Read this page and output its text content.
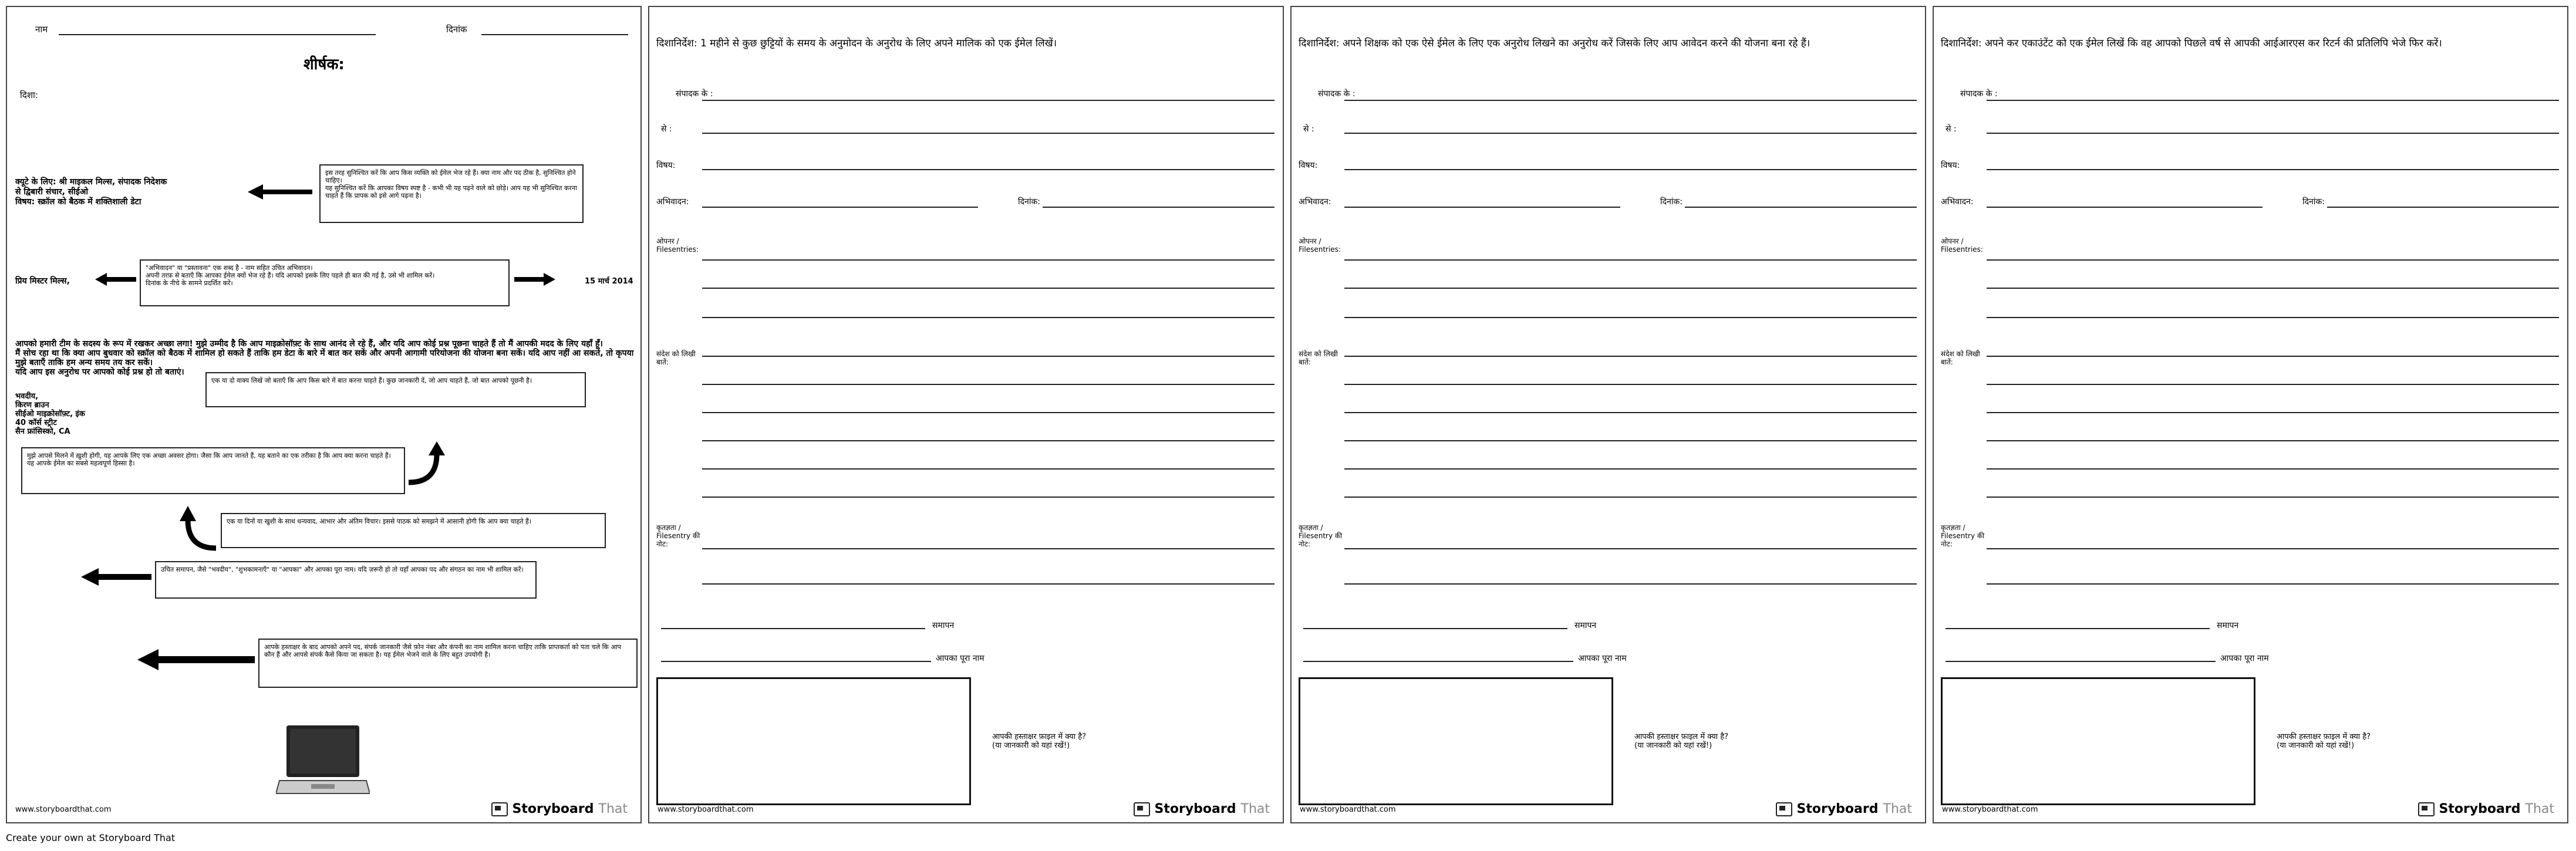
नाम	दिनांक
शीर्षक:
दिशा:
क्यूटे के लिए: श्री माइकल मिल्स, संपादक निदेशक
से द्विबारी संचार, सीईओ
विषय: स्क्रॉल को बैठक में शक्तिशाली डेटा
इस तरह सुनिश्चित करें कि आप किस व्यक्ति को ईमेल भेज रहे हैं। क्या नाम और पद ठीक है, सुनिश्चित होने चाहिए।
यह सुनिश्चित करें कि आपका विषय स्पष्ट है - कभी भी यह पढ़ने वाले को छोड़े। आप यह भी सुनिश्चित करना चाहते हैं कि प्रापक को इसे आगे पढ़ना है।
प्रिय मिस्टर मिल्स,
"अभिवादन" या "प्रस्तावना" एक शब्द है - नाम सहित उचित अभिवादन।
अपनी तरफ़ से बताएँ कि आपका ईमेल क्यों भेज रहे हैं। यदि आपको इसके लिए पहले ही बात की गई है, उसे भी शामिल करें।
दिनांक के नीचे के सामने प्रदर्शित करें।	15 मार्च 2014
आपको हमारी टीम के सदस्य के रूप में रखकर अच्छा लगा! मुझे उम्मीद है कि आप माइक्रोसॉफ़्ट के साथ आनंद ले रहे हैं, और यदि आप कोई प्रश्न पूछना चाहते हैं तो मैं आपकी मदद के लिए यहाँ हूँ।
मैं सोच रहा था कि क्या आप बुधवार को स्क्रॉल को बैठक में शामिल हो सकते हैं ताकि हम डेटा के बारे में बात कर सकें और अपनी आगामी परियोजना की योजना बना सकें। यदि आप नहीं आ सकते, तो कृपया मुझे बताएँ ताकि हम अन्य समय तय कर सकें।
यदि आप इस अनुरोध पर आपको कोई प्रश्न हो तो बताएं।
भवदीय,
किरण ब्राउन
सीईओ माइक्रोसॉफ़्ट, इंक
40 कॉर्स स्ट्रीट
सैन फ्रांसिस्को, CA
एक या दो वाक्य लिखें जो बताएँ कि आप किस बारे में बात करना चाहते हैं। कुछ जानकारी दें, जो आप चाहते हैं, जो बात आपको पूछनी है।
मुझे आपसे मिलने में ख़ुशी होगी, यह आपके लिए एक अच्छा अवसर होगा। जैसा कि आप जानते हैं, यह बताने का एक तरीका है कि आप क्या करना चाहते हैं। यह आपके ईमेल का सबसे महत्वपूर्ण हिस्सा है।
एक या दिनों या खुशी के साथ धन्यवाद, आभार और अंतिम विचार। इससे पाठक को समझने में आसानी होगी कि आप क्या चाहते हैं।
उचित समापन, जैसे "भवदीय", "शुभकामनाएँ" या "आपका" और आपका पूरा नाम। यदि ज़रूरी हो तो यहाँ आपका पद और संगठन का नाम भी शामिल करें।
आपके हस्ताक्षर के बाद आपको अपने पद, संपर्क जानकारी जैसे फ़ोन नंबर और कंपनी का नाम शामिल करना चाहिए ताकि प्राप्तकर्ता को पता चले कि आप कौन हैं और आपसे संपर्क कैसे किया जा सकता है। यह ईमेल भेजने वाले के लिए बहुत उपयोगी है।
www.storyboardthat.com	Storyboard That
दिशानिर्देश: 1 महीने से कुछ छुट्टियों के समय के अनुमोदन के अनुरोध के लिए अपने मालिक को एक ईमेल लिखें।
संपादक के :
से :
विषय:
अभिवादन:	दिनांक:
ओपनर / Filesentries:
संदेश को लिखी बातें:
कृतज्ञता / Filesentry की नोट:
समापन
आपका पूरा नाम
आपकी हस्ताक्षर फ़ाइल में क्या है?
(या जानकारी को यहां रखें!)
www.storyboardthat.com	Storyboard That
दिशानिर्देश: अपने शिक्षक को एक ऐसे ईमेल के लिए एक अनुरोध लिखने का अनुरोध करें जिसके लिए आप आवेदन करने की योजना बना रहे हैं।
संपादक के :
से :
विषय:
अभिवादन:	दिनांक:
ओपनर / Filesentries:
संदेश को लिखी बातें:
कृतज्ञता / Filesentry की नोट:
समापन
आपका पूरा नाम
आपकी हस्ताक्षर फ़ाइल में क्या है?
(या जानकारी को यहां रखें!)
www.storyboardthat.com	Storyboard That
दिशानिर्देश: अपने कर एकाउंटेंट को एक ईमेल लिखें कि वह आपको पिछले वर्ष से आपकी आईआरएस कर रिटर्न की प्रतिलिपि भेजे फिर करें।
संपादक के :
से :
विषय:
अभिवादन:	दिनांक:
ओपनर / Filesentries:
संदेश को लिखी बातें:
कृतज्ञता / Filesentry की नोट:
समापन
आपका पूरा नाम
आपकी हस्ताक्षर फ़ाइल में क्या है?
(या जानकारी को यहां रखें!)
www.storyboardthat.com	Storyboard That
Create your own at Storyboard That
